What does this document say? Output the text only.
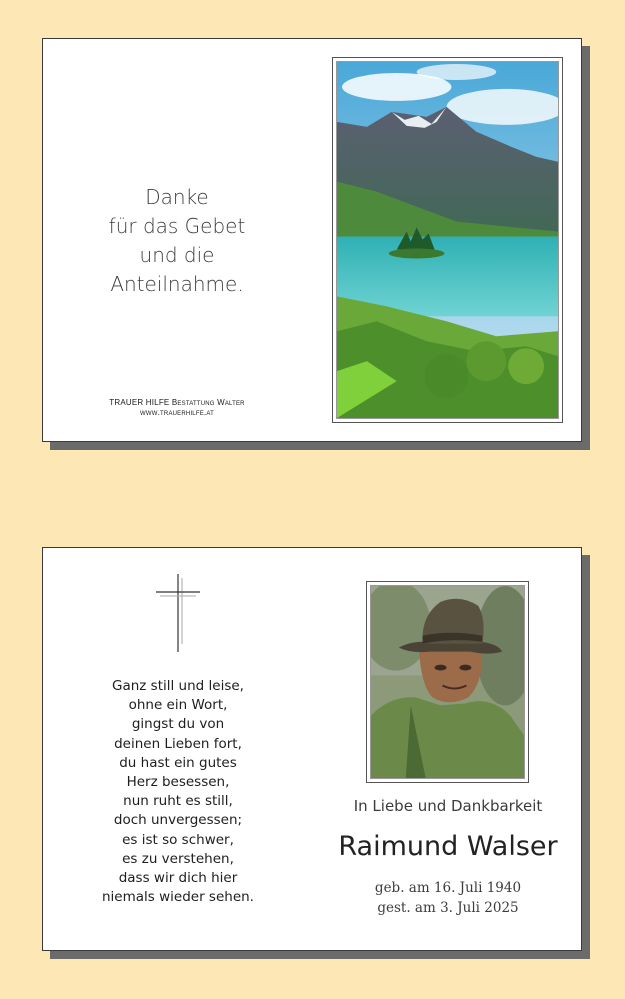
Danke
für das Gebet
und die
Anteilnahme.
TRAUER HILFE Bestattung Walter
www.trauerhilfe.at
Ganz still und leise,
ohne ein Wort,
gingst du von
deinen Lieben fort,
du hast ein gutes
Herz besessen,
nun ruht es still,
doch unvergessen;
es ist so schwer,
es zu verstehen,
dass wir dich hier
niemals wieder sehen.
In Liebe und Dankbarkeit
Raimund Walser
geb. am 16. Juli 1940
gest. am 3. Juli 2025
